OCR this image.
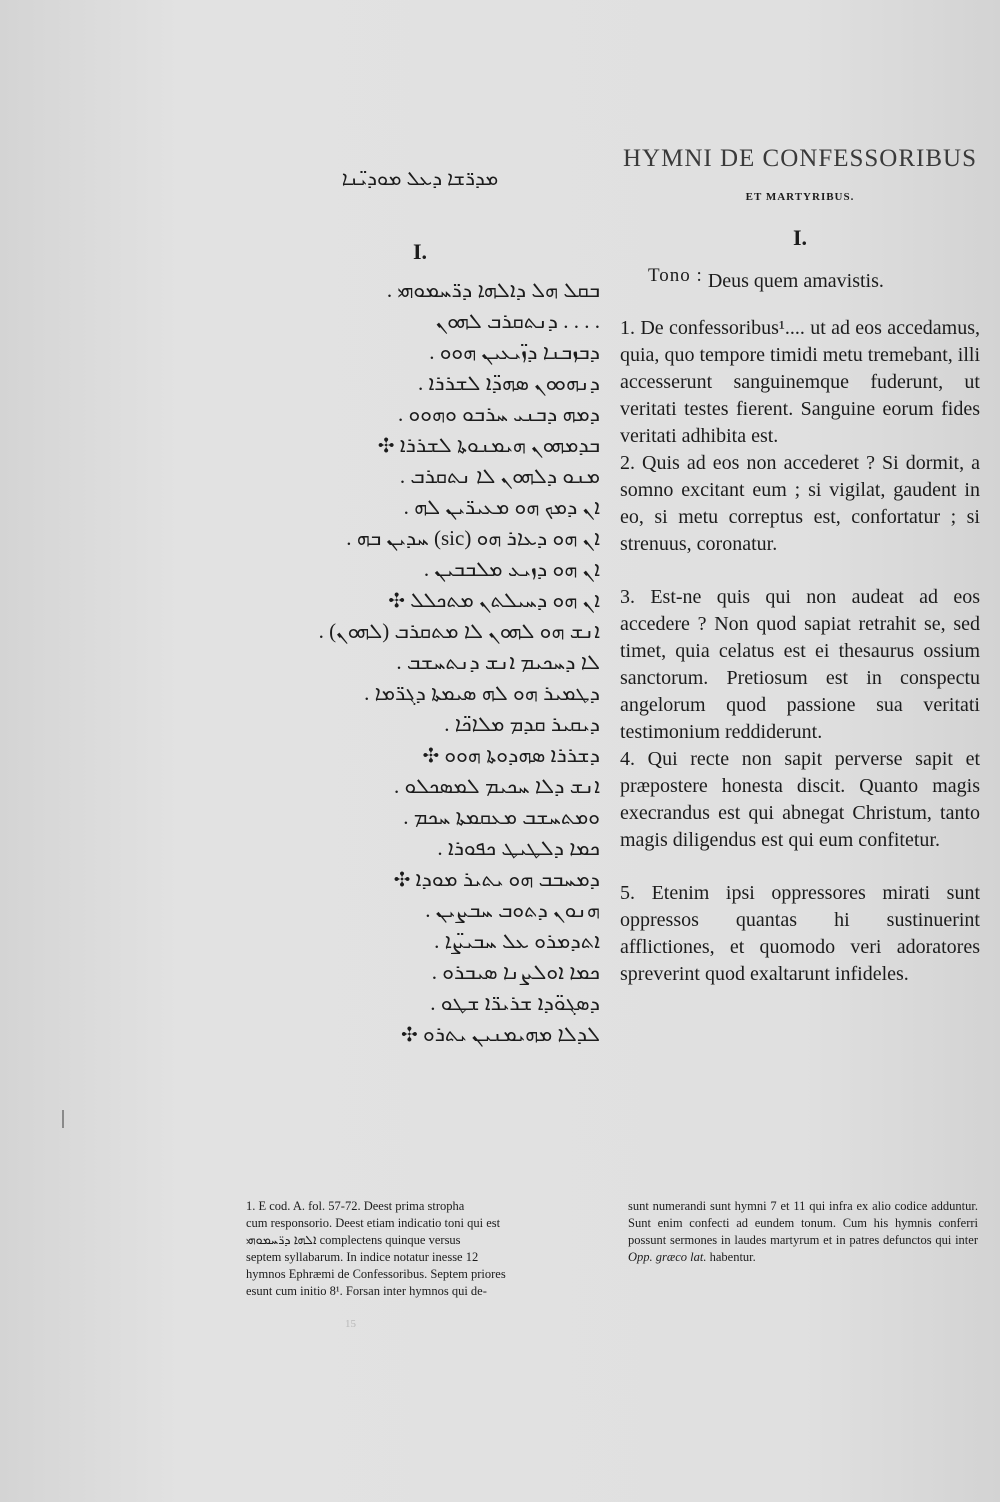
ܡܕܪ̈ܫܐ ܕܥܠ ܡܘܕܝ̈ܢܐ
I.
ܒܩܠ ܗܠ ܕܐܠܗܐ ܕܪ̈ܚܡܘܗܝ .
. . . . ܕܢܬܩܪܒ ܠܗܘܢ
ܕܒܙܒܢܐ ܕܙ̈ܝܥܝܢ ܗܘܘ .
ܕܢܗܘܘܢ ܣܗܕ̈ܐ ܠܫܪܪܐ .
ܕܡܗ ܕܒܢܝ ܚܪܒܘ ܘܗܘܘ .
ܒܕܡܗܘܢ ܗܝܡܢܘܬܐ ܠܫܪܪܐ ✣
ܡܢܘ ܕܠܗܘܢ ܠܐ ܢܬܩܪܒ .
ܐܢ ܕܡܟ ܗܘ ܡܥܝܪ̈ܝܢ ܠܗ .
ܐܢ ܗܘ ܕܥܐܪ ܗܘ (sic) ܚܕܝܢ ܒܗ .
ܐܢ ܗܘ ܕܙܝܥ ܡܠܒܒܝܢ .
ܐܢ ܗܘ ܕܚܝܠܬܢ ܡܬܟܠܠ ✣
ܐܢܫ ܗܘ ܠܗܘܢ ܠܐ ܡܬܩܪܒ (ܠܗܘܢ) .
ܠܐ ܕܚܟܝܡ ܐܢܫ ܕܢܬܚܫܒ .
ܕܛܡܝܪ ܗܘ ܠܗ ܣܝܡܬܐ ܕܓܪ̈ܡܐ .
ܕܝܩܝܪ ܩܕܡ ܡܠܐܟ̈ܐ .
ܕܫܪܪܐ ܣܗܕܘܬܐ ܗܘܘ ✣
ܐܢܫ ܕܠܐ ܚܟܝܡ ܠܡܣܟܠܘ .
ܘܡܬܚܫܒ ܡܥܩܡܬܐ ܚܟܡ .
ܟܡܐ ܕܠܛܝܛ ܟܦܘܪܐ .
ܕܡܚܒܒ ܗܘ ܝܬܝܪ ܡܘܕܐ ✣
ܗܢܘܢ ܕܬܘܒ ܚܒܨܝܢ .
ܐܬܕܡܪܘ ܥܠ ܚܒܝܨ̈ܐ .
ܟܡܐ ܐܘܠܨܢܐ ܣܝܒܪܘ .
ܕܣܓܘ̈ܕܐ ܫܪܝܪ̈ܐ ܫܛܘ .
ܠܕܠܐ ܡܗܝܡܢܝܢ ܝܬܪܘ ✣
HYMNI DE CONFESSORIBUS
ET MARTYRIBUS.
I.
Tono : Deus quem amavistis.

1. De confessoribus¹.... ut ad eos accedamus, quia, quo tempore timidi metu tremebant, illi accesserunt sanguinemque fuderunt, ut veritati testes fierent. Sanguine eorum fides veritati adhibita est.

2. Quis ad eos non accederet ? Si dormit, a somno excitant eum ; si vigilat, gaudent in eo, si metu correptus est, confortatur ; si strenuus, coronatur.

3. Est-ne quis qui non audeat ad eos accedere ? Non quod sapiat retrahit se, sed timet, quia celatus est ei thesaurus ossium sanctorum. Pretiosum est in conspectu angelorum quod passione sua veritati testimonium reddiderunt.

4. Qui recte non sapit perverse sapit et præpostere honesta discit. Quanto magis execrandus est qui abnegat Christum, tanto magis diligendus est qui eum confitetur.

5. Etenim ipsi oppressores mirati sunt oppressos quantas hi sustinuerint afflictiones, et quomodo veri adoratores spreverint quod exaltarunt infideles.

1. E cod. A. fol. 57-72. Deest prima stropha
cum responsorio. Deest etiam indicatio toni qui est
ܐܠܗܐ ܕܪ̈ܚܡܘܗܝ complectens quinque versus
septem syllabarum. In indice notatur inesse 12
hymnos Ephræmi de Confessoribus. Septem priores
esunt cum initio 8¹. Forsan inter hymnos qui de-
sunt numerandi sunt hymni 7 et 11 qui infra ex alio codice adduntur. Sunt enim confecti ad eundem tonum. Cum his hymnis conferri possunt sermones in laudes martyrum et in patres defunctos qui inter Opp. græco lat. habentur.
15
